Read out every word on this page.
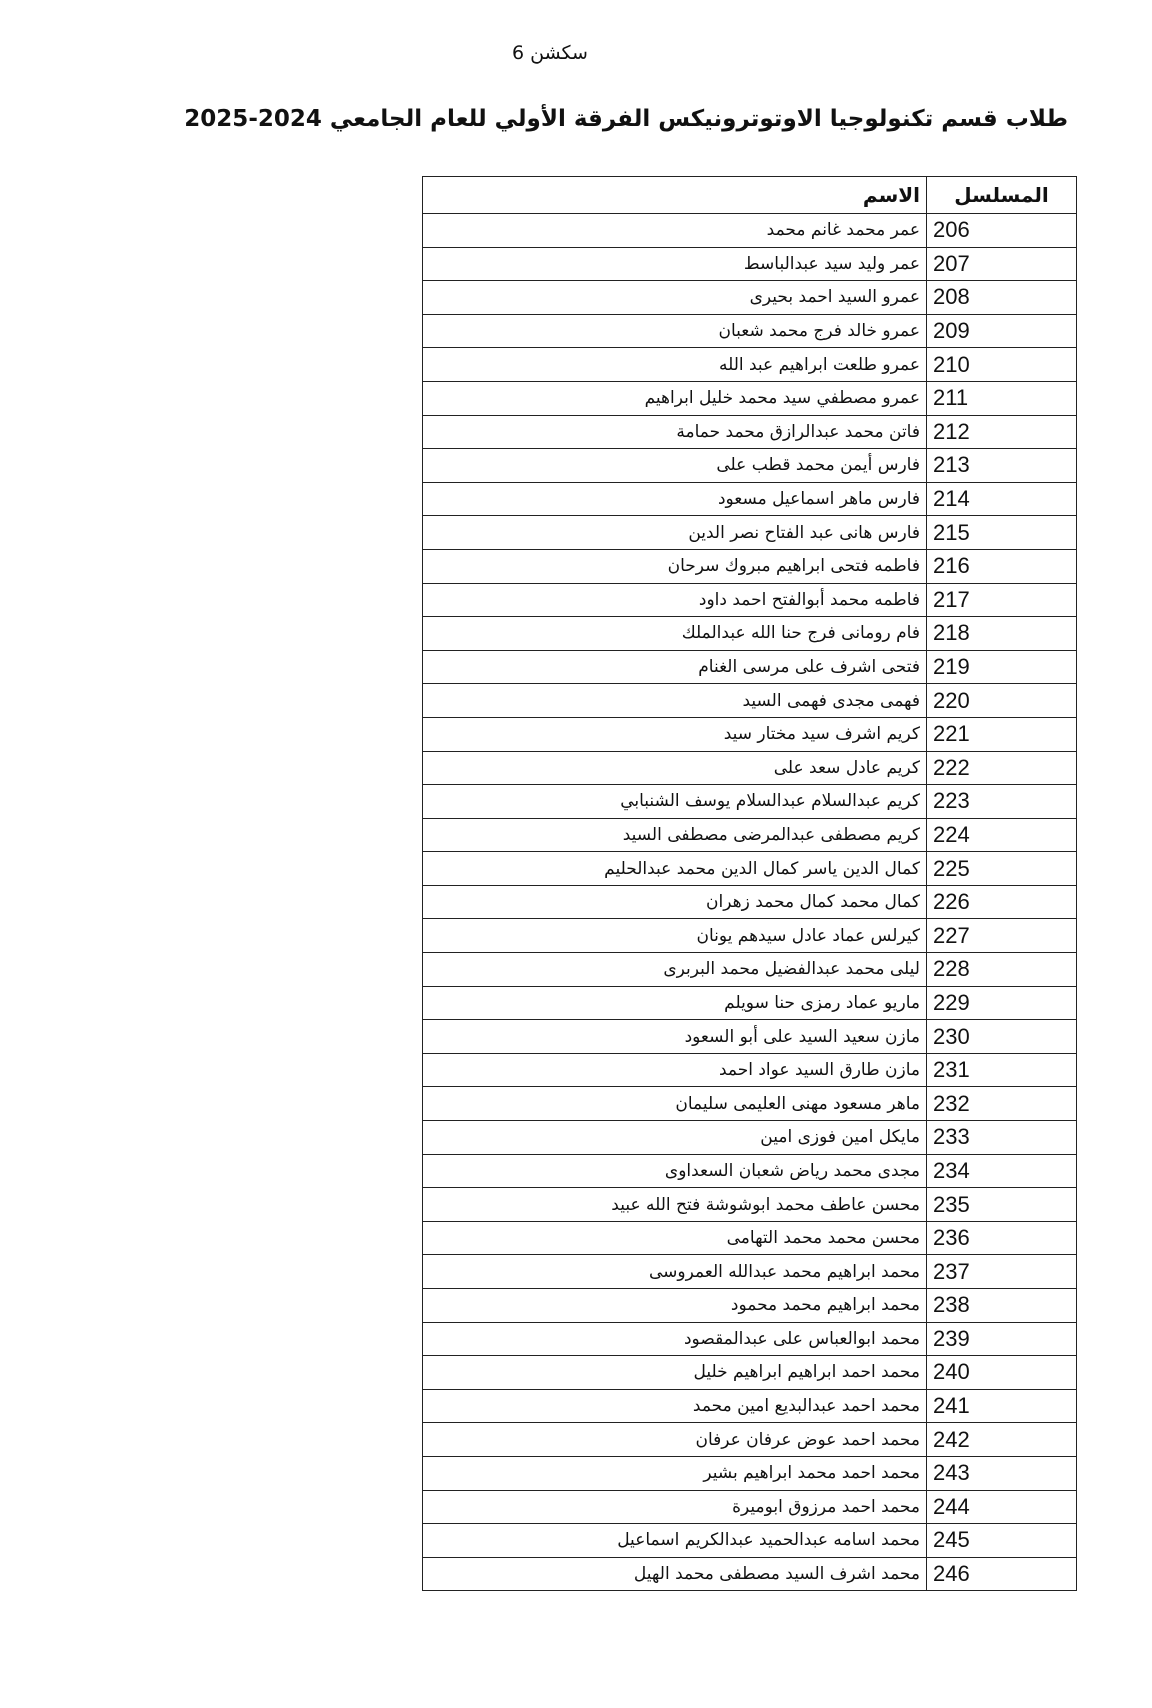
سكشن 6
طلاب قسم تكنولوجيا الاوتوترونيكس الفرقة الأولي للعام الجامعي 2024-2025
المسلسل	الاسم
206	عمر محمد غانم محمد
207	عمر وليد سيد عبدالباسط
208	عمرو السيد احمد بحيرى
209	عمرو خالد فرج محمد شعبان
210	عمرو طلعت ابراهيم عبد الله
211	عمرو مصطفي سيد محمد خليل ابراهيم
212	فاتن محمد عبدالرازق محمد حمامة
213	فارس أيمن محمد قطب على
214	فارس ماهر اسماعيل مسعود
215	فارس هانى عبد الفتاح نصر الدين
216	فاطمه فتحى ابراهيم مبروك سرحان
217	فاطمه محمد أبوالفتح احمد داود
218	فام رومانى فرج حنا الله عبدالملك
219	فتحى اشرف على مرسى الغنام
220	فهمى مجدى فهمى السيد
221	كريم اشرف سيد مختار سيد
222	كريم عادل سعد على
223	كريم عبدالسلام عبدالسلام يوسف الشنبابي
224	كريم مصطفى عبدالمرضى مصطفى السيد
225	كمال الدين ياسر كمال الدين محمد عبدالحليم
226	كمال محمد كمال محمد زهران
227	كيرلس عماد عادل سيدهم يونان
228	ليلى محمد عبدالفضيل محمد البربرى
229	ماريو عماد رمزى حنا سويلم
230	مازن سعيد السيد على أبو السعود
231	مازن طارق السيد عواد احمد
232	ماهر مسعود مهنى العليمى سليمان
233	مايكل امين فوزى امين
234	مجدى محمد رياض شعبان السعداوى
235	محسن عاطف محمد ابوشوشة فتح الله عبيد
236	محسن محمد محمد التهامى
237	محمد ابراهيم محمد عبدالله العمروسى
238	محمد ابراهيم محمد محمود
239	محمد ابوالعباس على عبدالمقصود
240	محمد احمد ابراهيم ابراهيم خليل
241	محمد احمد عبدالبديع امين محمد
242	محمد احمد عوض عرفان عرفان
243	محمد احمد محمد ابراهيم بشير
244	محمد احمد مرزوق ابوميرة
245	محمد اسامه عبدالحميد عبدالكريم اسماعيل
246	محمد اشرف السيد مصطفى محمد الهيل
